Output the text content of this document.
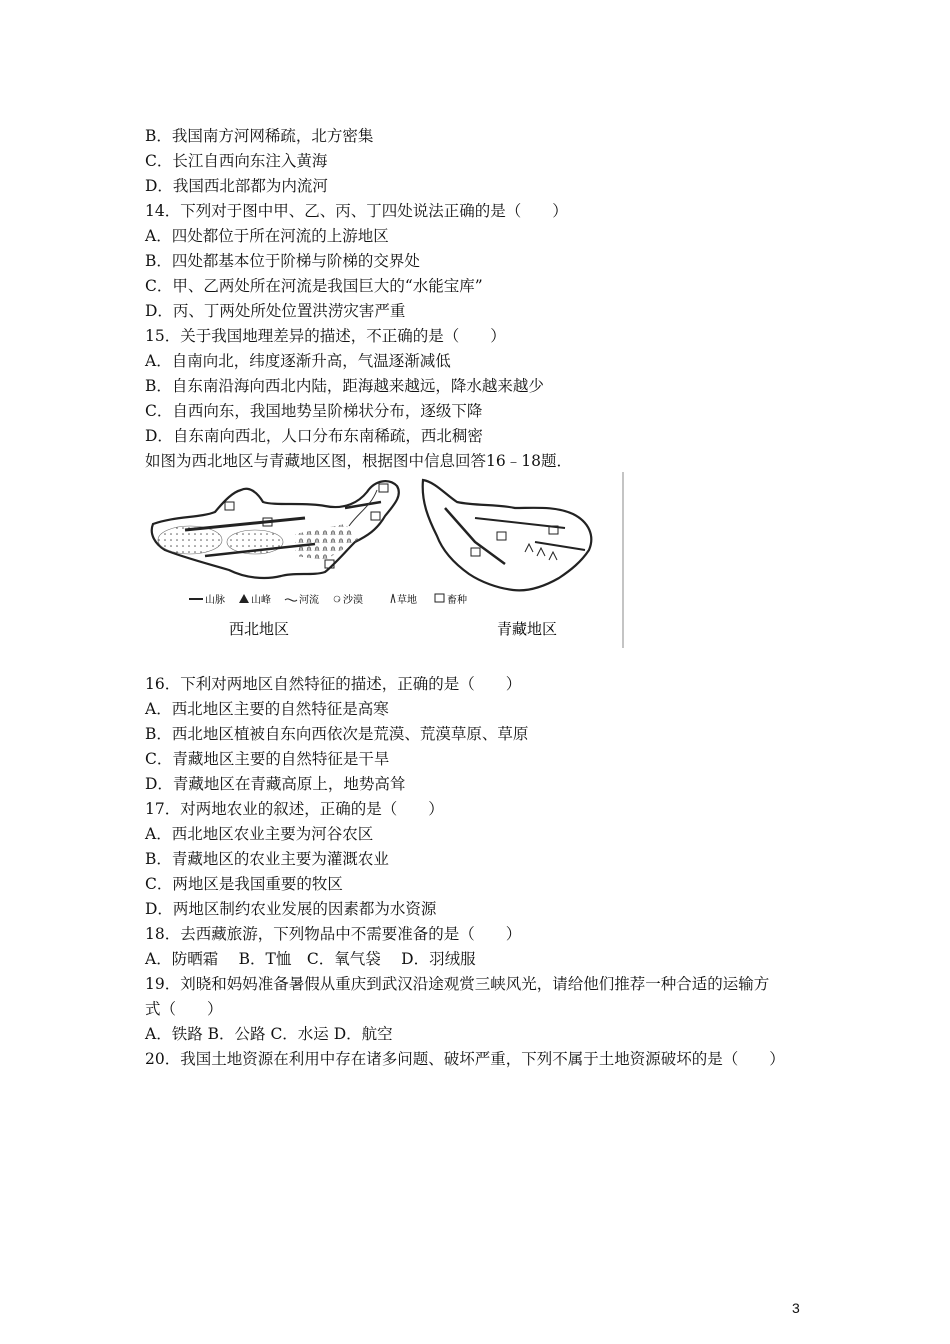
B．我国南方河网稀疏，北方密集
C．长江自西向东注入黄海
D．我国西北部都为内流河
14．下列对于图中甲、乙、丙、丁四处说法正确的是（　　）
A．四处都位于所在河流的上游地区
B．四处都基本位于阶梯与阶梯的交界处
C．甲、乙两处所在河流是我国巨大的“水能宝库”
D．丙、丁两处所处位置洪涝灾害严重
15．关于我国地理差异的描述，不正确的是（　　）
A．自南向北，纬度逐渐升高，气温逐渐减低
B．自东南沿海向西北内陆，距海越来越远，降水越来越少
C．自西向东，我国地势呈阶梯状分布，逐级下降
D．自东南向西北，人口分布东南稀疏，西北稠密
如图为西北地区与青藏地区图，根据图中信息回答16﹣18题．
山脉	山峰	河流 沙漠	草地	畜种
西北地区	青藏地区
16．下利对两地区自然特征的描述，正确的是（　　）
A．西北地区主要的自然特征是高寒
B．西北地区植被自东向西依次是荒漠、荒漠草原、草原
C．青藏地区主要的自然特征是干旱
D．青藏地区在青藏高原上，地势高耸
17．对两地农业的叙述，正确的是（　　）
A．西北地区农业主要为河谷农区
B．青藏地区的农业主要为灌溉农业
C．两地区是我国重要的牧区
D．两地区制约农业发展的因素都为水资源
18．去西藏旅游，下列物品中不需要准备的是（　　）
A．防晒霜　 B．T恤　C．氧气袋　 D．羽绒服
19．刘晓和妈妈准备暑假从重庆到武汉沿途观赏三峡风光，请给他们推荐一种合适的运输方
式（　　）
A．铁路 B．公路 C．水运 D．航空
20．我国土地资源在利用中存在诸多问题、破坏严重，下列不属于土地资源破坏的是（　　）
3
